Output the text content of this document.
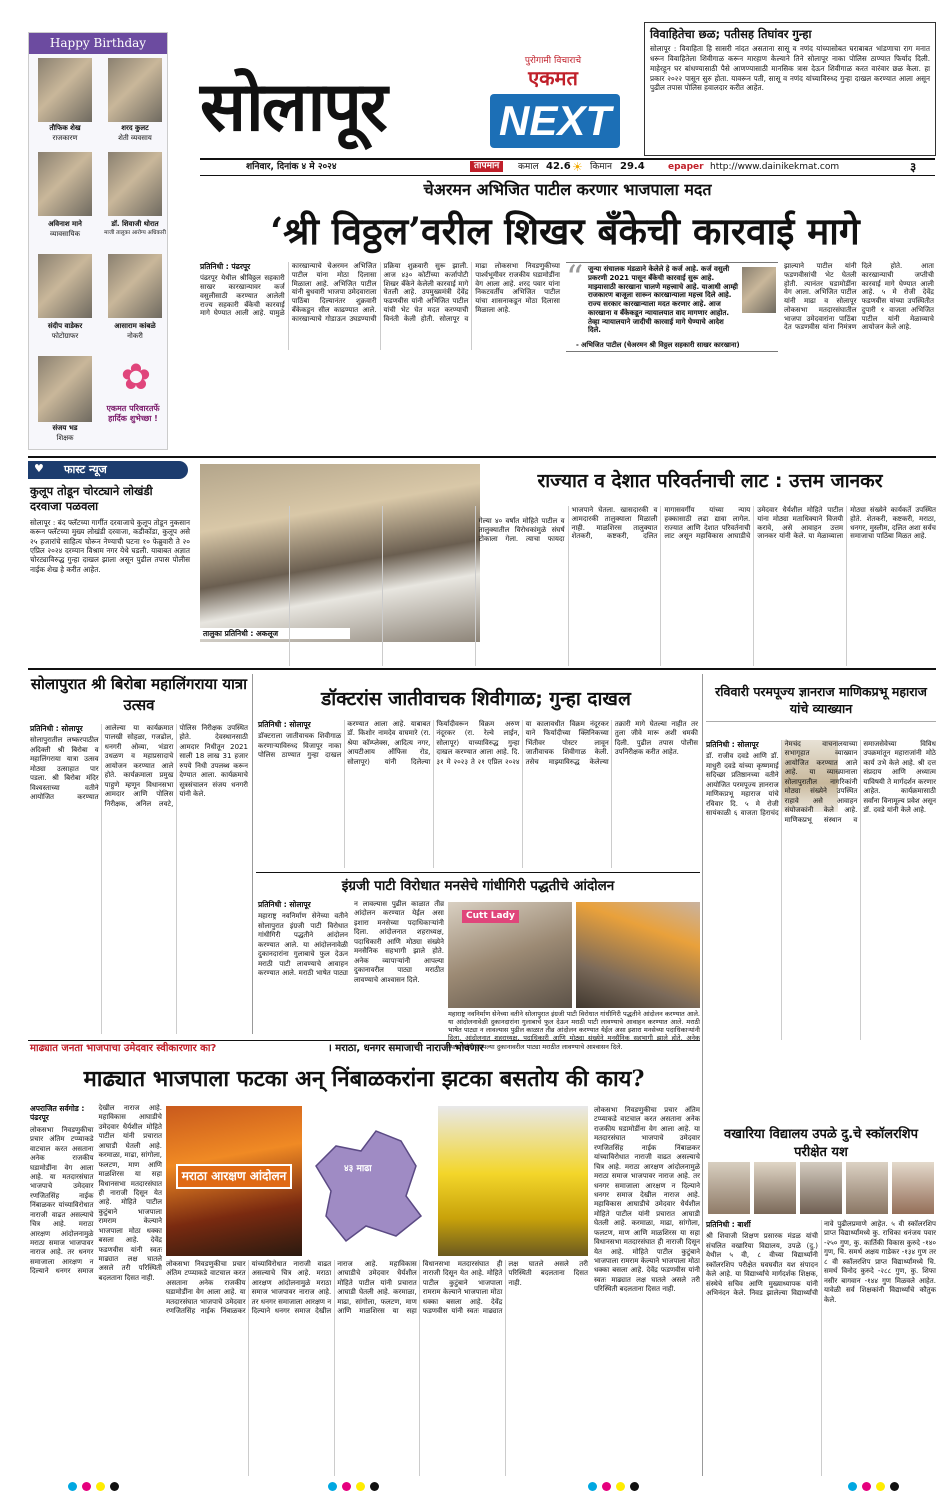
Happy Birthday
तौफिक शेख
राजकारण
शरद कुलट
शेती व्यवसाय
अविनाश माने
व्यावसायिक
डॉ. शिवाजी थोरात
माजी तालुका आरोग्य अधिकारी
संदीप वाडेकर
फोटोग्राफर
आसाराम कांबळे
नोकरी
संजय भड
शिक्षक
✿
एकमत परिवारतर्फे हार्दिक शुभेच्छा !
सोलापूर
पुरोगामी विचाराचे
एकमत
NEXT
शनिवार, दिनांक ४ मे २०२४	तापमान	कमाल 42.6 ☀ किमान 29.4	epaper http://www.dainikekmat.com	३
विवाहितेचा छळ; पतीसह तिघांवर गुन्हा

सोलापूर : विवाहिता हि सासरी नांदत असताना सासू व नणंद यांच्यासोबत घराबाबत भांडणाचा राग मनात धरून विवाहितेला शिवीगाळ करून मारहाण केल्याने तिने सोलापूर नाका पोलिस ठाण्यात फिर्याद दिली. माहेरहून घर बांधण्यासाठी पैसे आणण्यासाठी मानसिक त्रास देऊन शिवीगाळ करत वारंवार छळ केला. हा प्रकार २०२२ पासून सुरु होता. यावरून पती, सासू व नणंद यांच्याविरुध्द गुन्हा दाखल करण्यात आला असून पुढील तपास पोलिस हवालदार करीत आहेत.

चेअरमन अभिजित पाटील करणार भाजपाला मदत
‘श्री विठ्ठल’वरील शिखर बँकेची कारवाई मागे
प्रतिनिधी : पंढरपूर

पंढरपूर येथील श्रीविठ्ठल सहकारी साखर कारखान्यावर कर्ज वसुलीसाठी करण्यात आलेली राज्य सहकारी बँकेची कारवाई मागे घेण्यात आली आहे. यामुळे कारखान्याचे चेअरमन अभिजित पाटील यांना मोठा दिलासा मिळाला आहे. अभिजित पाटील यांनी बुधवारी भाजपा उमेदवाराला पाठिंबा दिल्यानंतर शुक्रवारी बँकेकडून सील काढण्यात आले. कारखान्याचे गोडाऊन उघडण्याची प्रक्रिया शुक्रवारी सुरू झाली. आज ४३० कोटींच्या कर्जापोटी शिखर बँकेने केलेली कारवाई मागे घेतली आहे. उपमुख्यमंत्री देवेंद्र फडणवीस यांनी अभिजित पाटील यांची भेट घेत मदत करण्याची विनंती केली होती. सोलापूर व माढा लोकसभा निवडणुकीच्या पार्श्वभूमीवर राजकीय घडामोडींना वेग आला आहे. शरद पवार यांना निकटवर्तीय अभिजित पाटील यांचा शासनाकडून मोठा दिलासा मिळाला आहे.

“ जुन्या संचालक मंडळाने केलेले हे कर्ज आहे. कर्ज वसुली प्रकरणी 2021 पासून बँकेची कारवाई सुरू आहे. माझ्यासाठी कारखाना चालणे महत्त्वाचे आहे. याआधी आम्ही राजकारण बाजूला सारून कारखान्याला महत्त्व दिले आहे. राज्य सरकार कारखान्याला मदत करणार आहे. आज कारखाना व बँकेकडून न्यायालयात वाद मागणार आहोत. तेव्हा न्यायालयाने जादीची कारवाई मागे घेण्याचे आदेश दिले.
- अभिजित पाटील (चेअरमन श्री विठ्ठल सहकारी साखर कारखाना)

झाल्याने पाटील यांनी फडणवीसांची भेट घेतली होती. त्यानंतर घडामोडींना वेग आला. अभिजित पाटील यांनी माढा व सोलापूर लोकसभा मतदारसंघातील भाजपा उमेदवारांना पाठिंबा देत फडणवीस यांना निमंत्रण दिले होते. आता कारखान्याची जप्तीची कारवाई मागे घेण्यात आली आहे. ५ मे रोजी देवेंद्र फडणवीस यांच्या उपस्थितीत दुपारी १ वाजता अभिजित पाटील यांनी मेळाव्याचे आयोजन केले आहे.

♥ फास्ट न्यूज
कुलूप तोडून चोरट्याने लोखंडी दरवाजा पळवला

सोलापूर : बंद फ्लॅटच्या गार्गीत दरवाजाचे कुलूप तोडून नुकसान करून फ्लॅटच्या मुख्य लोखंडी दरवाजा, कडीकोंडा, कुलूप असे २५ हजारांचे साहित्य चोरून नेण्याची घटना १० फेब्रुवारी ते २० एप्रिल २०२४ दरम्यान विश्राम नगर येथे घडली. याबाबत अज्ञात चोरट्याविरुद्ध गुन्हा दाखल झाला असून पुढील तपास पोलीस नाईक शेख हे करीत आहेत.

तालुका प्रतिनिधी : अकलूज
राज्यात व देशात परिवर्तनाची लाट : उत्तम जानकर

गेल्या ४० वर्षांत मोहिते पाटील व तालुक्यातील विरोधकांमुळे संघर्ष टोकाला गेला. त्याचा फायदा भाजपाने घेतला. खासदारकी व आमदारकी तालुक्याला मिळाली नाही. माळशिरस तालुक्यात शेतकरी, कष्टकरी, दलित मागासवर्गीय यांच्या न्याय हक्कासाठी लढा द्यावा लागेल. राज्यात आणि देशात परिवर्तनाची लाट असून महाविकास आघाडीचे उमेदवार धैर्यशील मोहिते पाटील यांना मोठ्या मताधिक्याने विजयी करावे, असे आवाहन उत्तम जानकर यांनी केले. या मेळाव्याला मोठ्या संख्येने कार्यकर्ते उपस्थित होते. शेतकरी, कष्टकरी, मराठा, धनगर, मुस्लीम, दलित अशा सर्वच समाजाचा पाठिंबा मिळत आहे.

सोलापुरात श्री बिरोबा महालिंगराया यात्रा उत्सव
प्रतिनिधी : सोलापूर

सोलापुरातील लष्करपाठील अदिक्ती श्री बिरोबा व महालिंगराया यात्रा उत्सव मोठ्या उत्साहात पार पडला. श्री बिरोबा मंदिर विश्वस्ताच्या वतीने आयोजित करण्यात आलेल्या या कार्यक्रमात पालखी सोहळा, गजढोल, धनगरी ओव्या, भंडारा उधळण व महाप्रसादाचे आयोजन करण्यात आले होते. कार्यक्रमाला प्रमुख पाहुणे म्हणून विधानसभा आमदार आणि पोलिस निरीक्षक, अनिल लवटे, पोलिस निरीक्षक उपस्थित होते. देवस्थानसाठी आमदार निधीतून 2021 साली 18 लाख 31 हजार रुपये निधी उपलब्ध करून देण्यात आला. कार्यक्रमाचे सूत्रसंचालन संजय धनगरी यांनी केले.

डॉक्टरांस जातीवाचक शिवीगाळ; गुन्हा दाखल
प्रतिनिधी : सोलापूर

डॉक्टराला जातीवाचक शिवीगाळ करणाऱ्याविरुध्द विजापूर नाका पोलिस ठाण्यात गुन्हा दाखल करण्यात आला आहे. याबाबत डॉ. किशोर नामदेव वाघमारे (रा. श्रेया कॉम्प्लेक्स, आदित्य नगर, आयटीआय ऑफिस रोड, सोलापूर) यांनी दिलेल्या फिर्यादीवरून विक्रम अरुण नंदूरकर (रा. रेल्वे लाईन, सोलापूर) याच्याविरुद्ध गुन्हा दाखल करण्यात आला आहे. दि. ३१ मे २०२३ ते २१ एप्रिल २०२४ या कालावधीत विक्रम नंदूरकर याने फिर्यादीच्या क्लिनिकच्या भिंतीवर पोस्टर लावून जातीवाचक शिवीगाळ केली. तसेच माझ्याविरुद्ध केलेल्या तक्रारी मागे घेतल्या नाहीत तर तुला जीवे मारू अशी धमकी दिली. पुढील तपास पोलीस उपनिरीक्षक करीत आहेत.

इंग्रजी पाटी विरोधात मनसेचे गांधीगिरी पद्धतीचे आंदोलन
प्रतिनिधी : सोलापूर

महाराष्ट्र नवनिर्माण सेनेच्या वतीने सोलापुरात इंग्रजी पाटी विरोधात गांधीगिरी पद्धतीने आंदोलन करण्यात आले. या आंदोलनावेळी दुकानदारांना गुलाबाचे फुल देऊन मराठी पाटी लावण्याचे आवाहन करण्यात आले. मराठी भाषेत पाट्या न लावल्यास पुढील काळात तीव्र आंदोलन करण्यात येईल असा इशारा मनसेच्या पदाधिकाऱ्यांनी दिला. आंदोलनात शहराध्यक्ष, पदाधिकारी आणि मोठ्या संख्येने मनसैनिक सहभागी झाले होते. अनेक व्यापाऱ्यांनी आपल्या दुकानावरील पाट्या मराठीत लावण्याचे आश्वासन दिले.

Cutt Lady

महाराष्ट्र नवनिर्माण सेनेच्या वतीने सोलापुरात इंग्रजी पाटी विरोधात गांधीगिरी पद्धतीने आंदोलन करण्यात आले. या आंदोलनावेळी दुकानदारांना गुलाबाचे फुल देऊन मराठी पाटी लावण्याचे आवाहन करण्यात आले. मराठी भाषेत पाट्या न लावल्यास पुढील काळात तीव्र आंदोलन करण्यात येईल असा इशारा मनसेच्या पदाधिकाऱ्यांनी दिला. आंदोलनात शहराध्यक्ष, पदाधिकारी आणि मोठ्या संख्येने मनसैनिक सहभागी झाले होते. अनेक व्यापाऱ्यांनी आपल्या दुकानावरील पाट्या मराठीत लावण्याचे आश्वासन दिले.

रविवारी परमपूज्य ज्ञानराज माणिकप्रभू महाराज यांचे व्याख्यान
प्रतिनिधी : सोलापूर

डॉ. राजीव दवडे आणि डॉ. माधुरी दवडे यांच्या कृष्णमाई सदिच्छा प्रतिष्ठानच्या वतीने आयोजित परमपूज्य ज्ञानराज माणिकप्रभू महाराज यांचे रविवार दि. ५ मे रोजी सायंकाळी ६ वाजता हिराचंद नेमचंद वाचनालयाच्या सभागृहात व्याख्यान आयोजित करण्यात आले आहे. या व्याख्यानाला सोलापुरातील नागरिकांनी मोठ्या संख्येने उपस्थित राहावे असे आवाहन संयोजकांनी केले आहे. माणिकप्रभू संस्थान व समाजसेवेच्या विविध उपक्रमांतून महाराजांनी मोठे कार्य उभे केले आहे. श्री दत्त संप्रदाय आणि अध्यात्म याविषयी ते मार्गदर्शन करणार आहेत. कार्यक्रमासाठी सर्वांना विनामूल्य प्रवेश असून डॉ. दवडे यांनी केले आहे.

माढ्यात जनता भाजपाचा उमेदवार स्वीकारणार का?	। मराठा, धनगर समाजाची नाराजी भोवणार
माढ्यात भाजपाला फटका अन् निंबाळकरांना झटका बसतोय की काय?
अपराजित सर्वगोड : पंढरपूर

लोकसभा निवडणुकीचा प्रचार अंतिम टप्प्याकडे वाटचाल करत असताना अनेक राजकीय घडामोडींना वेग आला आहे. या मतदारसंघात भाजपाचे उमेदवार रणजितसिंह नाईक निंबाळकर यांच्याविरोधात नाराजी वाढत असल्याचे चित्र आहे. मराठा आरक्षण आंदोलनामुळे मराठा समाज भाजपावर नाराज आहे. तर धनगर समाजाला आरक्षण न दिल्याने धनगर समाज देखील नाराज आहे. महाविकास आघाडीचे उमेदवार धैर्यशील मोहिते पाटील यांनी प्रचारात आघाडी घेतली आहे. करमाळा, माढा, सांगोला, फलटण, माण आणि माळशिरस या सहा विधानसभा मतदारसंघात ही नाराजी दिसून येत आहे. मोहिते पाटील कुटुंबाने भाजपाला रामराम केल्याने भाजपाला मोठा धक्का बसला आहे. देवेंद्र फडणवीस यांनी स्वतः माढ्यात लक्ष घातले असले तरी परिस्थिती बदलताना दिसत नाही.

मराठा आरक्षण आंदोलन	४३ माढा

लोकसभा निवडणुकीचा प्रचार अंतिम टप्प्याकडे वाटचाल करत असताना अनेक राजकीय घडामोडींना वेग आला आहे. या मतदारसंघात भाजपाचे उमेदवार रणजितसिंह नाईक निंबाळकर यांच्याविरोधात नाराजी वाढत असल्याचे चित्र आहे. मराठा आरक्षण आंदोलनामुळे मराठा समाज भाजपावर नाराज आहे. तर धनगर समाजाला आरक्षण न दिल्याने धनगर समाज देखील नाराज आहे. महाविकास आघाडीचे उमेदवार धैर्यशील मोहिते पाटील यांनी प्रचारात आघाडी घेतली आहे. करमाळा, माढा, सांगोला, फलटण, माण आणि माळशिरस या सहा विधानसभा मतदारसंघात ही नाराजी दिसून येत आहे. मोहिते पाटील कुटुंबाने भाजपाला रामराम केल्याने भाजपाला मोठा धक्का बसला आहे. देवेंद्र फडणवीस यांनी स्वतः माढ्यात लक्ष घातले असले तरी परिस्थिती बदलताना दिसत नाही.

लोकसभा निवडणुकीचा प्रचार अंतिम टप्प्याकडे वाटचाल करत असताना अनेक राजकीय घडामोडींना वेग आला आहे. या मतदारसंघात भाजपाचे उमेदवार रणजितसिंह नाईक निंबाळकर यांच्याविरोधात नाराजी वाढत असल्याचे चित्र आहे. मराठा आरक्षण आंदोलनामुळे मराठा समाज भाजपावर नाराज आहे. तर धनगर समाजाला आरक्षण न दिल्याने धनगर समाज देखील नाराज आहे. महाविकास आघाडीचे उमेदवार धैर्यशील मोहिते पाटील यांनी प्रचारात आघाडी घेतली आहे. करमाळा, माढा, सांगोला, फलटण, माण आणि माळशिरस या सहा विधानसभा मतदारसंघात ही नाराजी दिसून येत आहे. मोहिते पाटील कुटुंबाने भाजपाला रामराम केल्याने भाजपाला मोठा धक्का बसला आहे. देवेंद्र फडणवीस यांनी स्वतः माढ्यात लक्ष घातले असले तरी परिस्थिती बदलताना दिसत नाही.

वखारिया विद्यालय उपळे दु.चे स्कॉलरशिप परीक्षेत यश
प्रतिनिधी : बार्शी

श्री शिवाजी शिक्षण प्रसारक मंडळ यांची संचलित वखारिया विद्यालय, उपळे (दु.) येथील ५ वी, ८ वीच्या विद्यार्थ्यांनी स्कॉलरशिप परीक्षेत घवघवीत यश संपादन केले आहे. या विद्यार्थ्यांचे मार्गदर्शक शिक्षक, संस्थेचे सचिव आणि मुख्याध्यापक यांनी अभिनंदन केले. निवड झालेल्या विद्यार्थ्यांची नावे पुढीलप्रमाणे आहेत. ५ वी स्कॉलरशिप प्राप्त विद्यार्थ्यांमध्ये कु. राधिका धनंजय पवार -२५० गुण, कु. कार्तिकी विकास कुरुदे -१४० गुण, चि. समर्थ अक्षय गाडेकर -१३४ गुण तर ८ वी स्कॉलरशिप प्राप्त विद्यार्थ्यांमध्ये चि. समर्थ विनोद कुरुदे -२८८ गुण, कु. शिफा नसीर बागवान -१४४ गुण मिळवले आहेत. यावेळी सर्व शिक्षकांनी विद्यार्थ्यांचे कौतुक केले.
